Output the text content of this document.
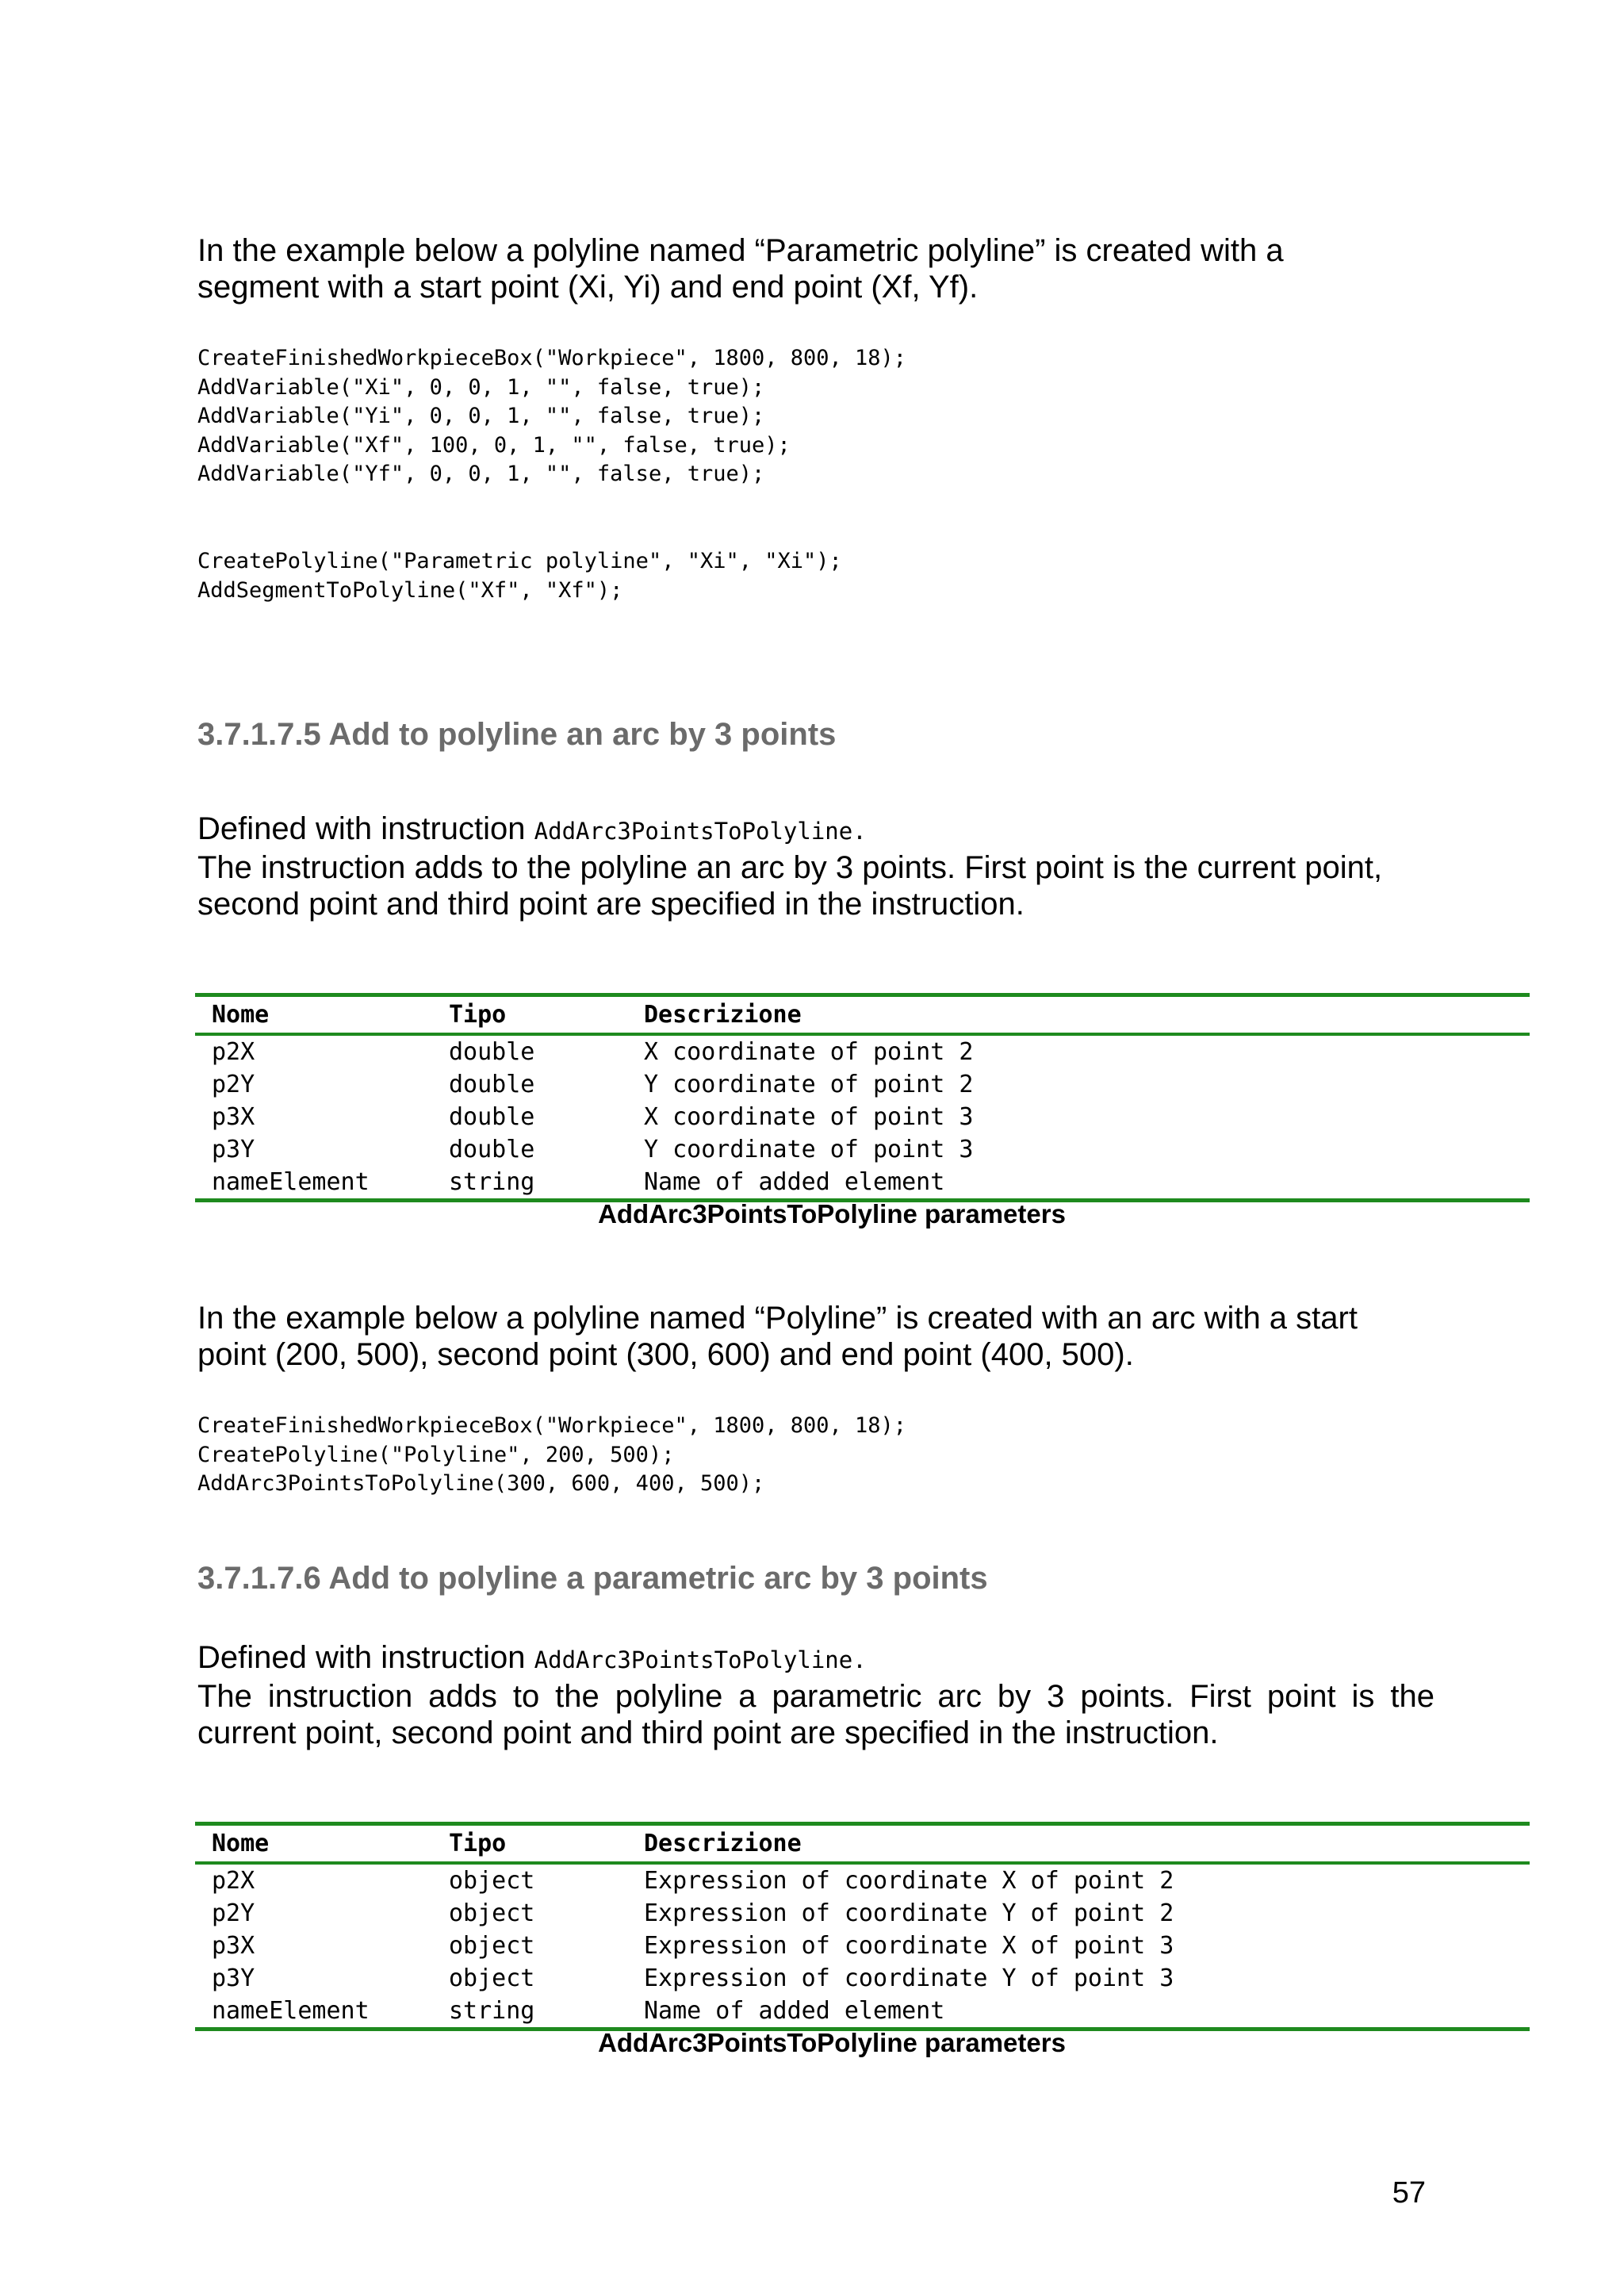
In the example below a polyline named “Parametric polyline” is created with a

segment with a start point (Xi, Yi) and end point (Xf, Yf).

CreateFinishedWorkpieceBox("Workpiece", 1800, 800, 18);
AddVariable("Xi", 0, 0, 1, "", false, true);
AddVariable("Yi", 0, 0, 1, "", false, true);
AddVariable("Xf", 100, 0, 1, "", false, true);
AddVariable("Yf", 0, 0, 1, "", false, true);
CreatePolyline("Parametric polyline", "Xi", "Xi");
AddSegmentToPolyline("Xf", "Xf");
3.7.1.7.5 Add to polyline an arc by 3 points

Defined with instruction AddArc3PointsToPolyline.

The instruction adds to the polyline an arc by 3 points. First point is the current point,

second point and third point are specified in the instruction.

Nome	Tipo	Descrizione
p2X	double	X coordinate of point 2
p2Y	double	Y coordinate of point 2
p3X	double	X coordinate of point 3
p3Y	double	Y coordinate of point 3
nameElement	string	Name of added element
AddArc3PointsToPolyline parameters

In the example below a polyline named “Polyline” is created with an arc with a start

point (200, 500), second point (300, 600) and end point (400, 500).

CreateFinishedWorkpieceBox("Workpiece", 1800, 800, 18);
CreatePolyline("Polyline", 200, 500);
AddArc3PointsToPolyline(300, 600, 400, 500);
3.7.1.7.6 Add to polyline a parametric arc by 3 points

Defined with instruction AddArc3PointsToPolyline.

The instruction adds to the polyline a parametric arc by 3 points. First point is the

current point, second point and third point are specified in the instruction.

Nome	Tipo	Descrizione
p2X	object	Expression of coordinate X of point 2
p2Y	object	Expression of coordinate Y of point 2
p3X	object	Expression of coordinate X of point 3
p3Y	object	Expression of coordinate Y of point 3
nameElement	string	Name of added element
AddArc3PointsToPolyline parameters
57
